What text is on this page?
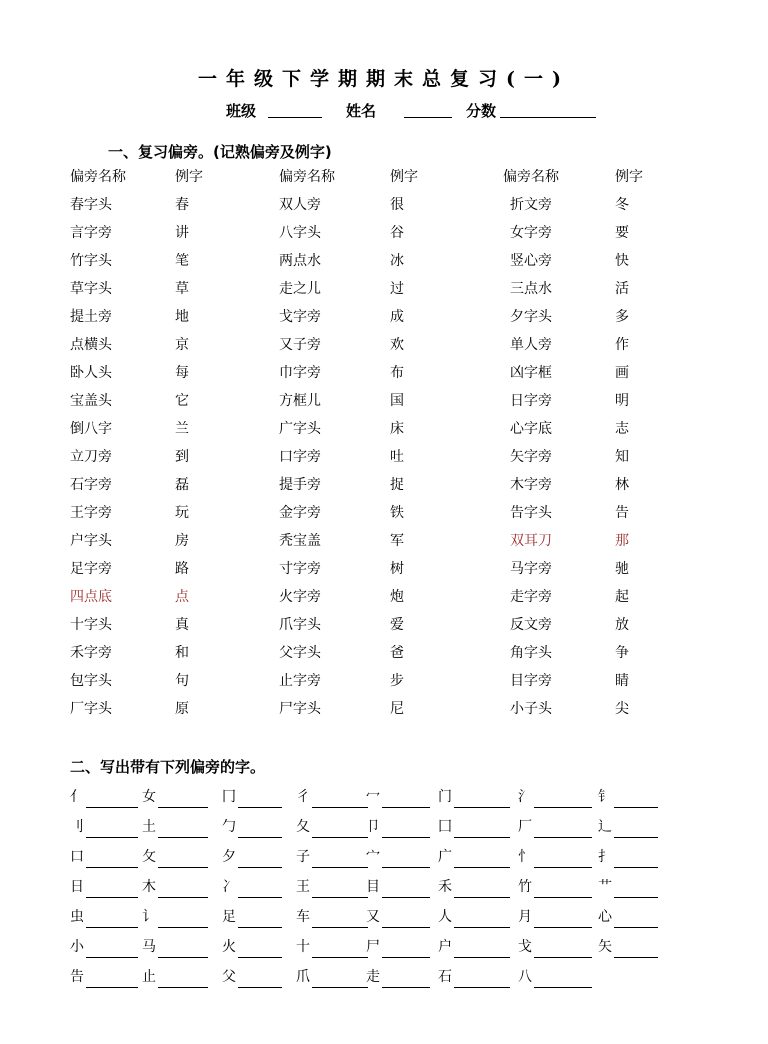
一年级下学期期末总复习(一)
班级	姓名	分数
一、复习偏旁。(记熟偏旁及例字)
偏旁名称	例字	偏旁名称	例字	偏旁名称	例字
春字头	春	双人旁	很	折文旁	冬
言字旁	讲	八字头	谷	女字旁	要
竹字头	笔	两点水	冰	竖心旁	快
草字头	草	走之儿	过	三点水	活
提土旁	地	戈字旁	成	夕字头	多
点横头	京	又子旁	欢	单人旁	作
卧人头	每	巾字旁	布	凶字框	画
宝盖头	它	方框儿	国	日字旁	明
倒八字	兰	广字头	床	心字底	志
立刀旁	到	口字旁	吐	矢字旁	知
石字旁	磊	提手旁	捉	木字旁	林
王字旁	玩	金字旁	铁	告字头	告
户字头	房	秃宝盖	军	双耳刀	那
足字旁	路	寸字旁	树	马字旁	驰
四点底	点	火字旁	炮	走字旁	起
十字头	真	爪字头	爱	反文旁	放
禾字旁	和	父字头	爸	角字头	争
包字头	句	止字旁	步	目字旁	睛
厂字头	原	尸字头	尼	小子头	尖
二、写出带有下列偏旁的字。
亻	女	冂	彳	冖	门	氵	钅
刂	土	勹	夂	卩	囗	厂	辶
口	攵	夕	子	宀	广	忄	扌
日	木	冫	王	目	禾	竹	艹
虫	讠	足	车	又	人	月	心
小	马	火	十	尸	户	戈	矢
告	止	父	爪	走	石	八
